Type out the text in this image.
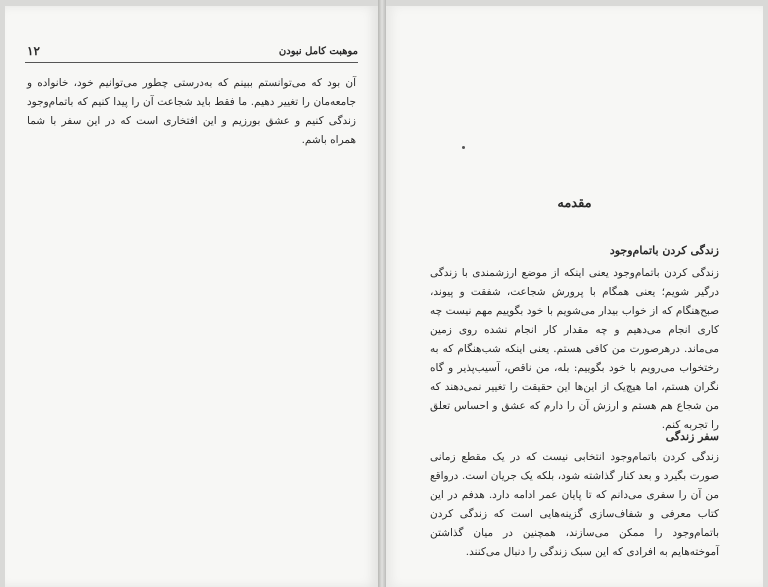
موهبت کامل نبودن
۱۲
آن بود که می‌توانستم ببینم که به‌درستی چطور می‌توانیم خود، خانواده و جامعه‌مان را تغییر دهیم. ما فقط باید شجاعت آن را پیدا کنیم که باتمام‌وجود زندگی کنیم و عشق بورزیم و این افتخاری است که در این سفر با شما همراه باشم.
مقدمه
زندگی کردن باتمام‌وجود
زندگی کردن باتمام‌وجود یعنی اینکه از موضع ارزشمندی با زندگی درگیر شویم؛ یعنی همگام با پرورش شجاعت، شفقت و پیوند، صبح‌هنگام که از خواب بیدار می‌شویم با خود بگوییم مهم نیست چه کاری انجام می‌دهیم و چه مقدار کار انجام نشده روی زمین می‌ماند. درهرصورت من کافی هستم. یعنی اینکه شب‌هنگام که به رختخواب می‌رویم با خود بگوییم: بله، من ناقص، آسیب‌پذیر و گاه نگران هستم، اما هیچ‌یک از این‌ها این حقیقت را تغییر نمی‌دهند که من شجاع هم هستم و ارزش آن را دارم که عشق و احساس تعلق را تجربه کنم.
سفر زندگی
زندگی کردن باتمام‌وجود انتخابی نیست که در یک مقطع زمانی صورت بگیرد و بعد کنار گذاشته شود، بلکه یک جریان است. درواقع من آن را سفری می‌دانم که تا پایان عمر ادامه دارد. هدفم در این کتاب معرفی و شفاف‌سازی گزینه‌هایی است که زندگی کردن باتمام‌وجود را ممکن می‌سازند، همچنین در میان گذاشتن آموخته‌هایم به افرادی که این سبک زندگی را دنبال می‌کنند.
